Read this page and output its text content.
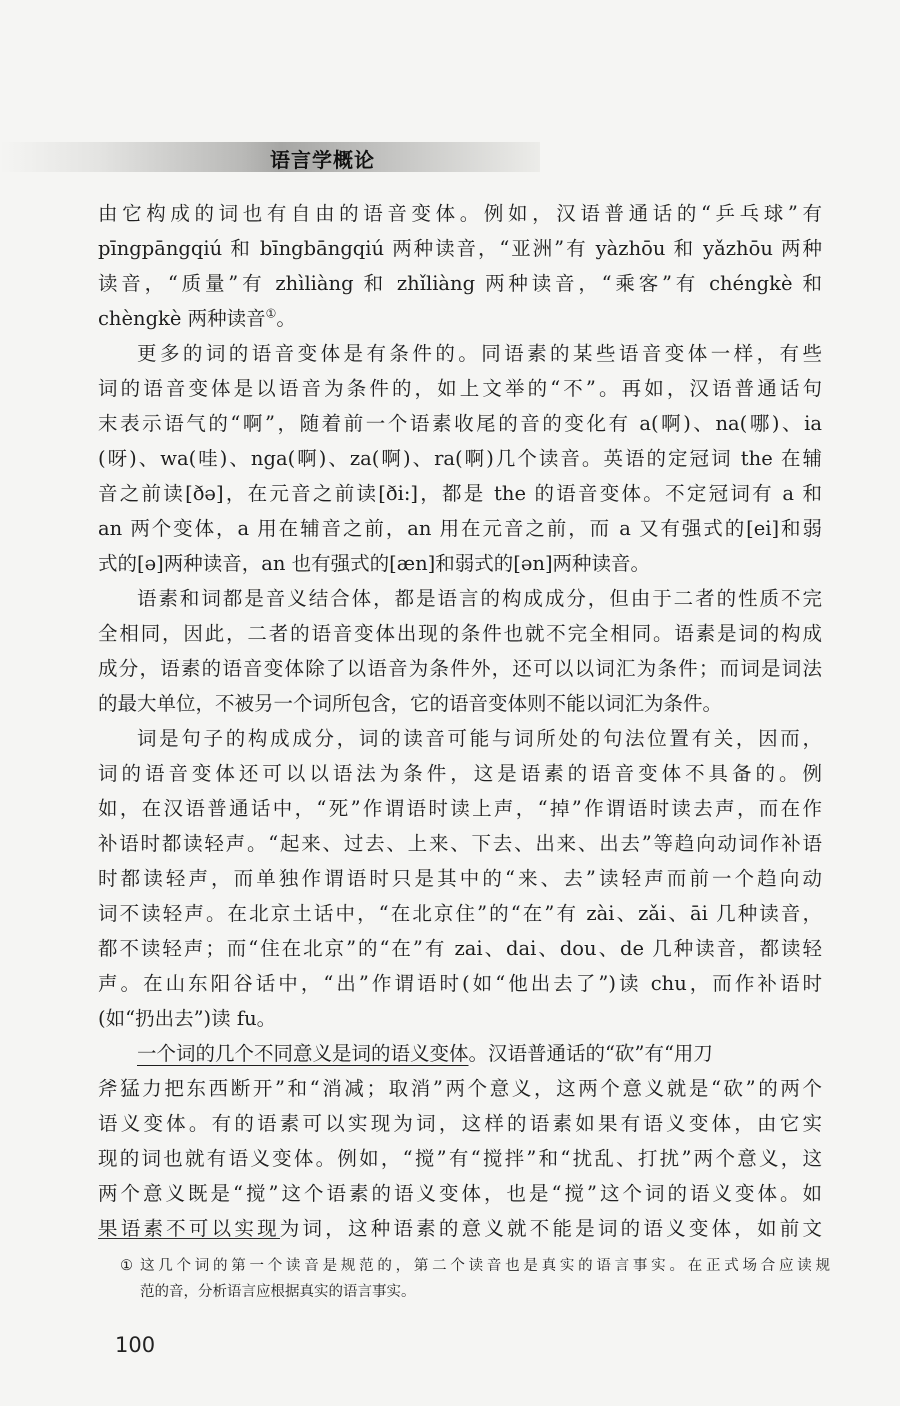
语言学概论
由它构成的词也有自由的语音变体。例如，汉语普通话的“乒乓球”有
pīngpāngqiú 和 bīngbāngqiú 两种读音，“亚洲”有 yàzhōu 和 yǎzhōu 两种
读音，“质量”有 zhìliàng 和 zhǐliàng 两种读音，“乘客”有 chéngkè 和
chèngkè 两种读音①。
更多的词的语音变体是有条件的。同语素的某些语音变体一样，有些
词的语音变体是以语音为条件的，如上文举的“不”。再如，汉语普通话句
末表示语气的“啊”，随着前一个语素收尾的音的变化有 a(啊)、na(哪)、ia
(呀)、wa(哇)、nga(啊)、za(啊)、ra(啊)几个读音。英语的定冠词 the 在辅
音之前读[ðə]，在元音之前读[ði:]，都是 the 的语音变体。不定冠词有 a 和
an 两个变体，a 用在辅音之前，an 用在元音之前，而 a 又有强式的[ei]和弱
式的[ə]两种读音，an 也有强式的[æn]和弱式的[ən]两种读音。
语素和词都是音义结合体，都是语言的构成成分，但由于二者的性质不完
全相同，因此，二者的语音变体出现的条件也就不完全相同。语素是词的构成
成分，语素的语音变体除了以语音为条件外，还可以以词汇为条件；而词是词法
的最大单位，不被另一个词所包含，它的语音变体则不能以词汇为条件。
词是句子的构成成分，词的读音可能与词所处的句法位置有关，因而，
词的语音变体还可以以语法为条件，这是语素的语音变体不具备的。例
如，在汉语普通话中，“死”作谓语时读上声，“掉”作谓语时读去声，而在作
补语时都读轻声。“起来、过去、上来、下去、出来、出去”等趋向动词作补语
时都读轻声，而单独作谓语时只是其中的“来、去”读轻声而前一个趋向动
词不读轻声。在北京土话中，“在北京住”的“在”有 zài、zǎi、āi 几种读音，
都不读轻声；而“住在北京”的“在”有 zai、dai、dou、de 几种读音，都读轻
声。在山东阳谷话中，“出”作谓语时(如“他出去了”)读 chu，而作补语时
(如“扔出去”)读 fu。
一个词的几个不同意义是词的语义变体。汉语普通话的“砍”有“用刀
斧猛力把东西断开”和“消减；取消”两个意义，这两个意义就是“砍”的两个
语义变体。有的语素可以实现为词，这样的语素如果有语义变体，由它实
现的词也就有语义变体。例如，“搅”有“搅拌”和“扰乱、打扰”两个意义，这
两个意义既是“搅”这个语素的语义变体，也是“搅”这个词的语义变体。如
果语素不可以实现为词，这种语素的意义就不能是词的语义变体，如前文
① 这几个词的第一个读音是规范的，第二个读音也是真实的语言事实。在正式场合应读规
范的音，分析语言应根据真实的语言事实。
100
